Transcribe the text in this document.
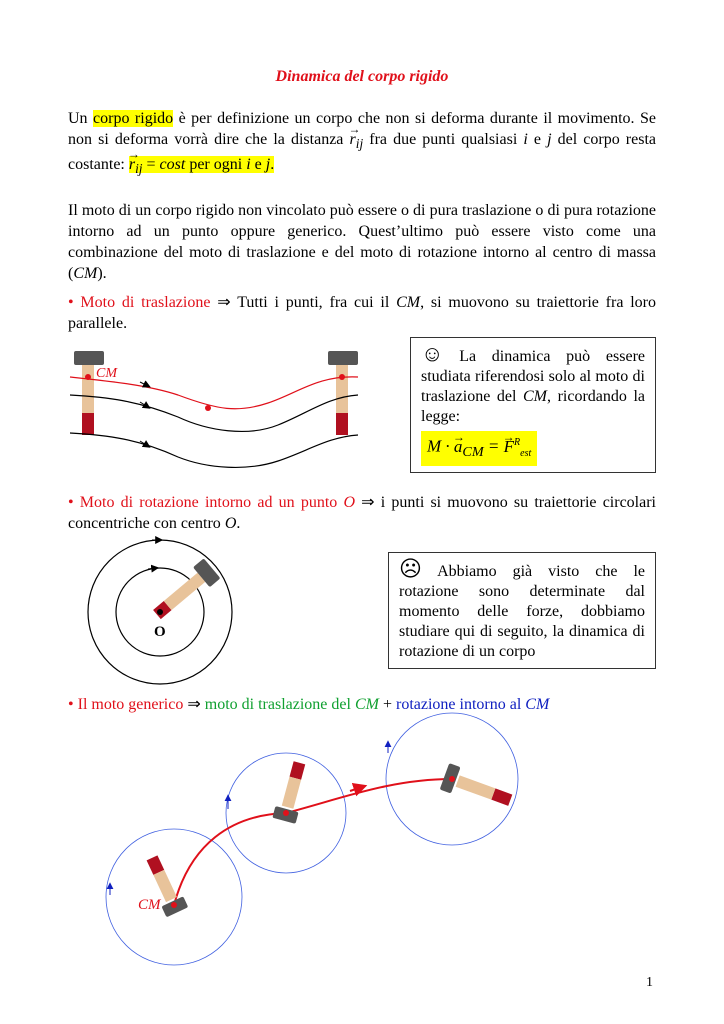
Dinamica del corpo rigido
Un corpo rigido è per definizione un corpo che non si deforma durante il movimento. Se non si deforma vorrà dire che la distanza → $r_{ij}$ fra due punti qualsiasi i e j del corpo resta costante: → $r_{ij} = \cos t$ per ogni i e j.
Il moto di un corpo rigido non vincolato può essere o di pura traslazione o di pura rotazione intorno ad un punto oppure generico. Quest’ultimo può essere visto come una combinazione del moto di traslazione e del moto di rotazione intorno al centro di massa (CM).
• Moto di traslazione ⇒ Tutti i punti, fra cui il CM, si muovono su traiettorie fra loro parallele.
CM
☺ La dinamica può essere studiata riferendosi solo al moto di traslazione del CM, ricordando la legge:
M · → $a_{CM}$ = → $F^R_{est}$
• Moto di rotazione intorno ad un punto O ⇒ i punti si muovono su traiettorie circolari concentriche con centro O.
O
☹ Abbiamo già visto che le rotazione sono determinate dal momento delle forze, dobbiamo studiare qui di seguito, la dinamica di rotazione di un corpo
• Il moto generico ⇒ moto di traslazione del CM + rotazione intorno al CM
CM
1
